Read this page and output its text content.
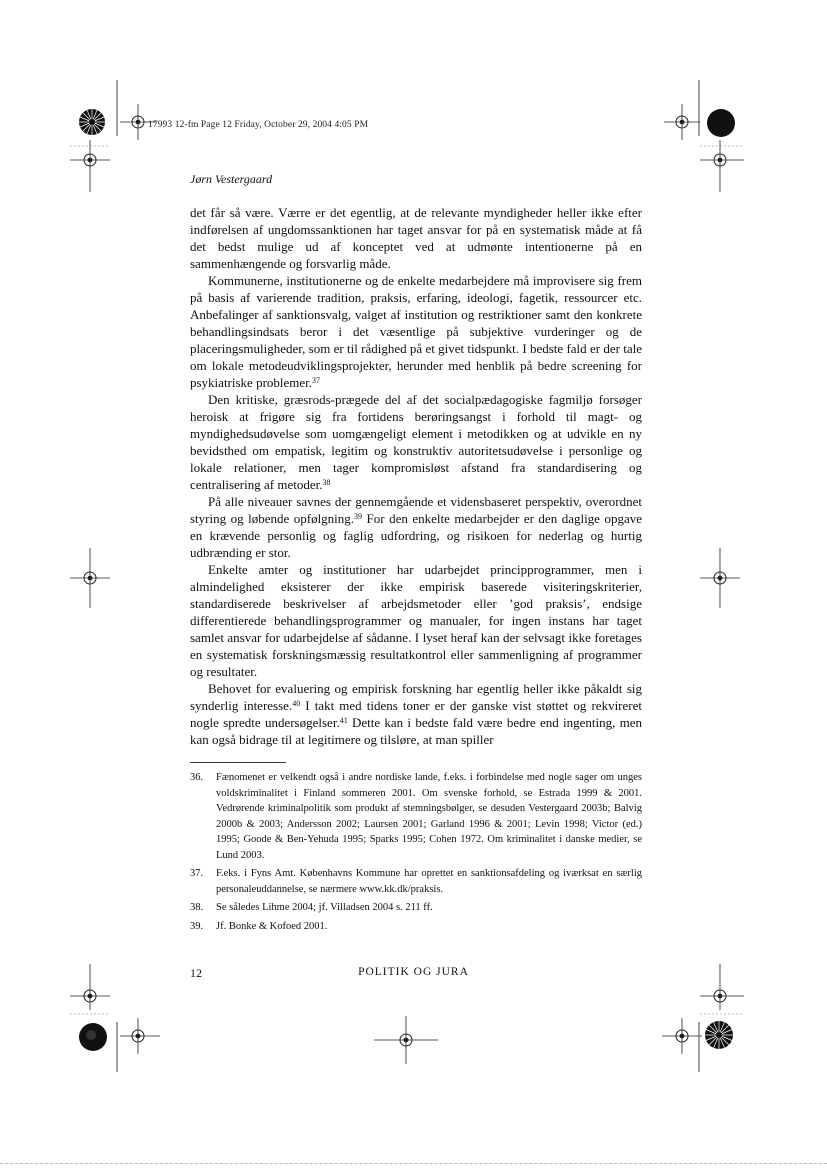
17993 12-fm Page 12 Friday, October 29, 2004 4:05 PM
Jørn Vestergaard

det får så være. Værre er det egentlig, at de relevante myndigheder heller ikke efter indførelsen af ungdomssanktionen har taget ansvar for på en systematisk måde at få det bedst mulige ud af konceptet ved at udmønte intentionerne på en sammenhængende og forsvarlig måde.

Kommunerne, institutionerne og de enkelte medarbejdere må improvisere sig frem på basis af varierende tradition, praksis, erfaring, ideologi, fagetik, ressourcer etc. Anbefalinger af sanktionsvalg, valget af institution og restriktioner samt den konkrete behandlingsindsats beror i det væsentlige på subjektive vurderinger og de placeringsmuligheder, som er til rådighed på et givet tidspunkt. I bedste fald er der tale om lokale metodeudviklingsprojekter, herunder med henblik på bedre screening for psykiatriske problemer.$^{37}$

Den kritiske, græsrods-prægede del af det socialpædagogiske fagmiljø forsøger heroisk at frigøre sig fra fortidens berøringsangst i forhold til magt- og myndighedsudøvelse som uomgængeligt element i metodikken og at udvikle en ny bevidsthed om empatisk, legitim og konstruktiv autoritetsudøvelse i personlige og lokale relationer, men tager kompromisløst afstand fra standardisering og centralisering af metoder.$^{38}$

På alle niveauer savnes der gennemgående et vidensbaseret perspektiv, overordnet styring og løbende opfølgning.$^{39}$ For den enkelte medarbejder er den daglige opgave en krævende personlig og faglig udfordring, og risikoen for nederlag og hurtig udbrænding er stor.

Enkelte amter og institutioner har udarbejdet principprogrammer, men i almindelighed eksisterer der ikke empirisk baserede visiteringskriterier, standardiserede beskrivelser af arbejdsmetoder eller ’god praksis’, endsige differentierede behandlingsprogrammer og manualer, for ingen instans har taget samlet ansvar for udarbejdelse af sådanne. I lyset heraf kan der selvsagt ikke foretages en systematisk forskningsmæssig resultatkontrol eller sammenligning af programmer og resultater.

Behovet for evaluering og empirisk forskning har egentlig heller ikke påkaldt sig synderlig interesse.$^{40}$ I takt med tidens toner er der ganske vist støttet og rekvireret nogle spredte undersøgelser.$^{41}$ Dette kan i bedste fald være bedre end ingenting, men kan også bidrage til at legitimere og tilsløre, at man spiller

36.	Fænomenet er velkendt også i andre nordiske lande, f.eks. i forbindelse med nogle sager om unges voldskriminalitet i Finland sommeren 2001. Om svenske forhold, se Estrada 1999 & 2001. Vedrørende kriminalpolitik som produkt af stemningsbølger, se desuden Vestergaard 2003b; Balvig 2000b & 2003; Andersson 2002; Laursen 2001; Garland 1996 & 2001; Levin 1998; Victor (ed.) 1995; Goode & Ben-Yehuda 1995; Sparks 1995; Cohen 1972. Om kriminalitet i danske medier, se Lund 2003.
37.	F.eks. i Fyns Amt. Københavns Kommune har oprettet en sanktionsafdeling og iværksat en særlig personaleuddannelse, se nærmere www.kk.dk/praksis.
38.	Se således Lihme 2004; jf. Villadsen 2004 s. 211 ff.
39.	Jf. Bonke & Kofoed 2001.
12	POLITIK OG JURA
